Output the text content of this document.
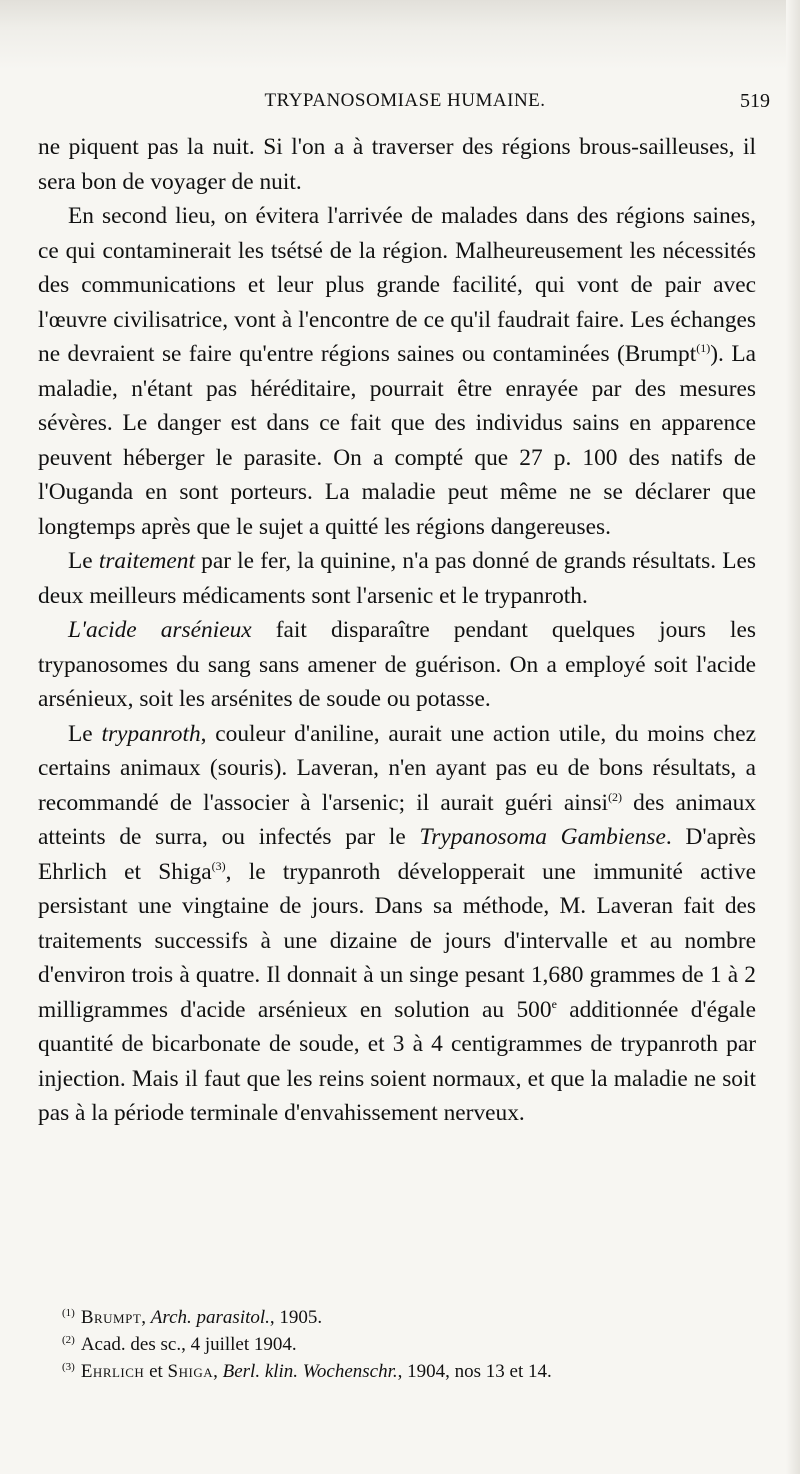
TRYPANOSOMIASE HUMAINE.	519

ne piquent pas la nuit. Si l'on a à traverser des régions brous-sailleuses, il sera bon de voyager de nuit.

En second lieu, on évitera l'arrivée de malades dans des régions saines, ce qui contaminerait les tsétsé de la région. Malheureusement les nécessités des communications et leur plus grande facilité, qui vont de pair avec l'œuvre civilisatrice, vont à l'encontre de ce qu'il faudrait faire. Les échanges ne devraient se faire qu'entre régions saines ou contaminées (Brumpt$^{(1)}$). La maladie, n'étant pas héréditaire, pourrait être enrayée par des mesures sévères. Le danger est dans ce fait que des individus sains en apparence peuvent héberger le parasite. On a compté que 27 p. 100 des natifs de l'Ouganda en sont porteurs. La maladie peut même ne se déclarer que longtemps après que le sujet a quitté les régions dangereuses.

Le traitement par le fer, la quinine, n'a pas donné de grands résultats. Les deux meilleurs médicaments sont l'arsenic et le trypanroth.

L'acide arsénieux fait disparaître pendant quelques jours les trypanosomes du sang sans amener de guérison. On a employé soit l'acide arsénieux, soit les arsénites de soude ou potasse.

Le trypanroth, couleur d'aniline, aurait une action utile, du moins chez certains animaux (souris). Laveran, n'en ayant pas eu de bons résultats, a recommandé de l'associer à l'arsenic; il aurait guéri ainsi$^{(2)}$ des animaux atteints de surra, ou infectés par le Trypanosoma Gambiense. D'après Ehrlich et Shiga$^{(3)}$, le trypanroth développerait une immunité active persistant une vingtaine de jours. Dans sa méthode, M. Laveran fait des traitements successifs à une dizaine de jours d'intervalle et au nombre d'environ trois à quatre. Il donnait à un singe pesant 1,680 grammes de 1 à 2 milligrammes d'acide arsénieux en solution au 500e additionnée d'égale quantité de bicarbonate de soude, et 3 à 4 centigrammes de trypanroth par injection. Mais il faut que les reins soient normaux, et que la maladie ne soit pas à la période terminale d'envahissement nerveux.

$^{(1)}$ Brumpt, Arch. parasitol., 1905.
$^{(2)}$ Acad. des sc., 4 juillet 1904.
$^{(3)}$ Ehrlich et Shiga, Berl. klin. Wochenschr., 1904, nos 13 et 14.
